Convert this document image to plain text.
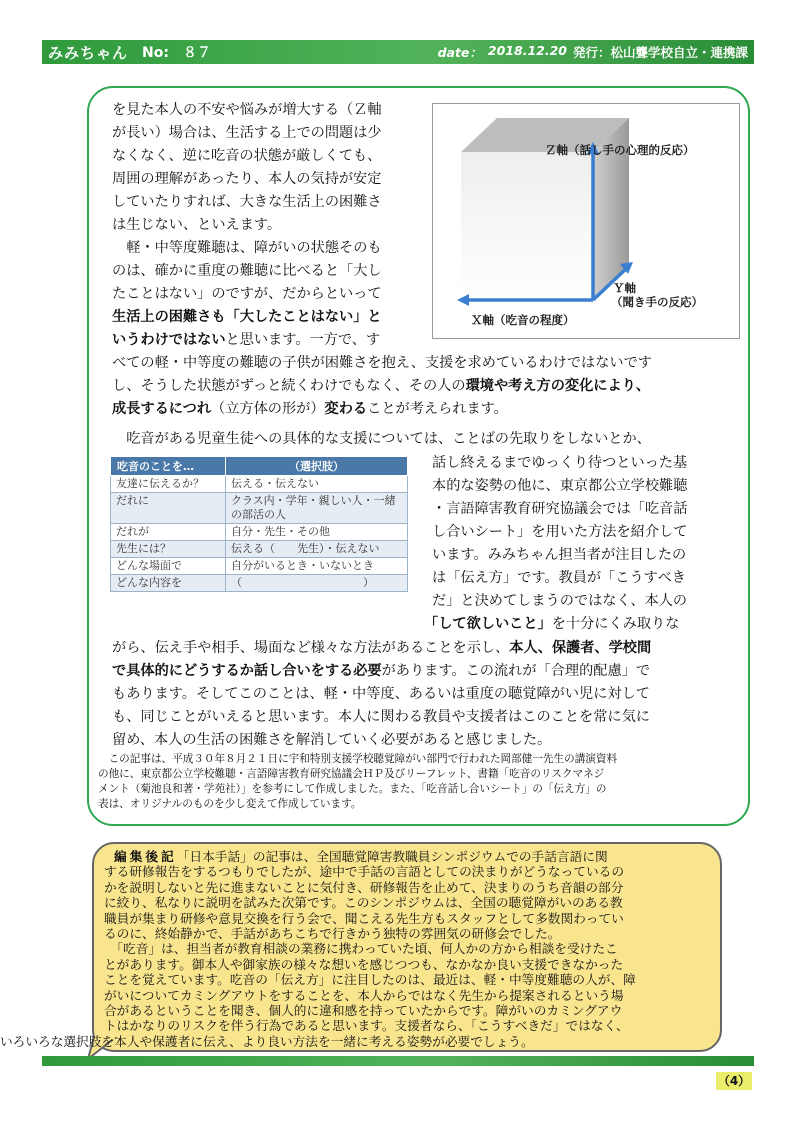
みみちゃん No:　８７	date： 2018.12.20 発行：松山聾学校自立・連携課
Ｚ軸（話し手の心理的反応）
Ｙ軸
（聞き手の反応）
Ｘ軸（吃音の程度）
を見た本人の不安や悩みが増大する（Ｚ軸
が長い）場合は、生活する上での問題は少
なくなく、逆に吃音の状態が厳しくても、
周囲の理解があったり、本人の気持が安定
していたりすれば、大きな生活上の困難さ
は生じない、といえます。
　軽・中等度難聴は、障がいの状態そのも
のは、確かに重度の難聴に比べると「大し
たことはない」のですが、だからといって
生活上の困難さも「大したことはない」と
いうわけではないと思います。一方で、す
べての軽・中等度の難聴の子供が困難さを抱え、支援を求めているわけではないです
し、そうした状態がずっと続くわけでもなく、その人の環境や考え方の変化により、
成長するにつれ（立方体の形が）変わることが考えられます。
　吃音がある児童生徒への具体的な支援については、ことばの先取りをしないとか、
吃音のことを…	（選択肢）
友達に伝えるか？	伝える・伝えない
だれに	クラス内・学年・親しい人・一緒の部活の人
だれが	自分・先生・その他
先生には？	伝える（　　先生）・伝えない
どんな場面で	自分がいるとき・いないとき
どんな内容を	（　　　　　　　　　　　）
話し終えるまでゆっくり待つといった基
本的な姿勢の他に、東京都公立学校難聴
・言語障害教育研究協議会では「吃音話
し合いシート」を用いた方法を紹介して
います。みみちゃん担当者が注目したの
は「伝え方」です。教員が「こうすべき
だ」と決めてしまうのではなく、本人の
「して欲しいこと」を十分にくみ取りな
がら、伝え手や相手、場面など様々な方法があることを示し、本人、保護者、学校間
で具体的にどうするか話し合いをする必要があります。この流れが「合理的配慮」で
もあります。そしてこのことは、軽・中等度、あるいは重度の聴覚障がい児に対して
も、同じことがいえると思います。本人に関わる教員や支援者はこのことを常に気に
留め、本人の生活の困難さを解消していく必要があると感じました。
　この記事は、平成３０年８月２１日に宇和特別支援学校聴覚障がい部門で行われた岡部健一先生の講演資料
の他に、東京都公立学校難聴・言語障害教育研究協議会ＨＰ及びリーフレット、書籍「吃音のリスクマネジ
メント（菊池良和著・学苑社）」を参考にして作成しました。また、「吃音話し合いシート」の「伝え方」の
表は、オリジナルのものを少し変えて作成しています。
編集後記「日本手話」の記事は、全国聴覚障害教職員シンポジウムでの手話言語に関
する研修報告をするつもりでしたが、途中で手話の言語としての決まりがどうなっているの
かを説明しないと先に進まないことに気付き、研修報告を止めて、決まりのうち音韻の部分
に絞り、私なりに説明を試みた次第です。このシンポジウムは、全国の聴覚障がいのある教
職員が集まり研修や意見交換を行う会で、聞こえる先生方もスタッフとして多数関わってい
るのに、終始静かで、手話があちこちで行きかう独特の雰囲気の研修会でした。
　「吃音」は、担当者が教育相談の業務に携わっていた頃、何人かの方から相談を受けたこ
とがあります。御本人や御家族の様々な想いを感じつつも、なかなか良い支援できなかった
ことを覚えています。吃音の「伝え方」に注目したのは、最近は、軽・中等度難聴の人が、障
がいについてカミングアウトをすることを、本人からではなく先生から提案されるという場
合があるということを聞き、個人的に違和感を持っていたからです。障がいのカミングアウ
トはかなりのリスクを伴う行為であると思います。支援者なら、「こうすべきだ」ではなく、
（4）
いろいろな選択肢を本人や保護者に伝え、より良い方法を一緒に考える姿勢が必要でしょう。
